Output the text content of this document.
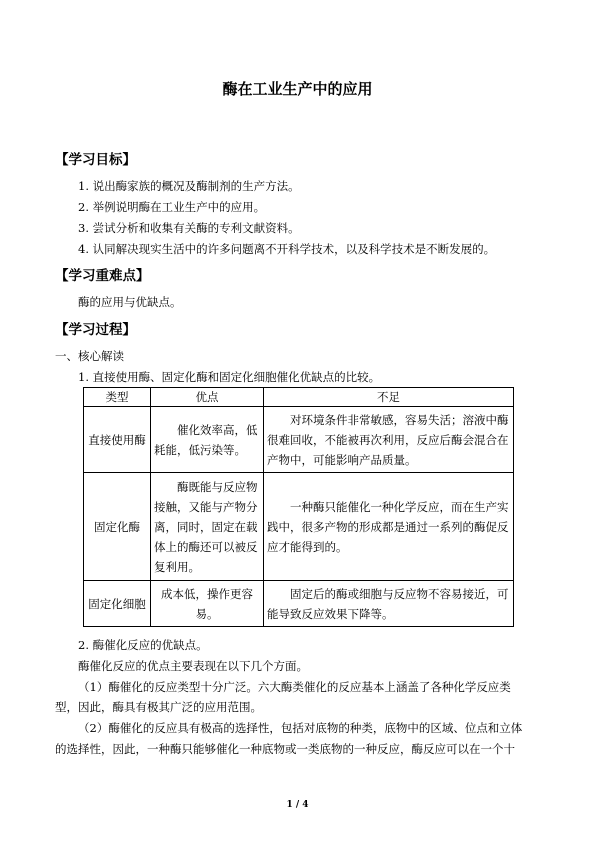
酶在工业生产中的应用
【学习目标】
1. 说出酶家族的概况及酶制剂的生产方法。
2. 举例说明酶在工业生产中的应用。
3. 尝试分析和收集有关酶的专利文献资料。
4. 认同解决现实生活中的许多问题离不开科学技术，以及科学技术是不断发展的。
【学习重难点】
酶的应用与优缺点。
【学习过程】
一、核心解读
1. 直接使用酶、固定化酶和固定化细胞催化优缺点的比较。
类型	优点	不足
直接使用酶	催化效率高，低耗能，低污染等。	对环境条件非常敏感，容易失活；溶液中酶很难回收，不能被再次利用，反应后酶会混合在产物中，可能影响产品质量。
固定化酶	酶既能与反应物接触，又能与产物分离，同时，固定在载体上的酶还可以被反复利用。	一种酶只能催化一种化学反应，而在生产实践中，很多产物的形成都是通过一系列的酶促反应才能得到的。
固定化细胞	成本低，操作更容易。	固定后的酶或细胞与反应物不容易接近，可能导致反应效果下降等。
2. 酶催化反应的优缺点。
酶催化反应的优点主要表现在以下几个方面。
（1）酶催化的反应类型十分广泛。六大酶类催化的反应基本上涵盖了各种化学反应类
型，因此，酶具有极其广泛的应用范围。
（2）酶催化的反应具有极高的选择性，包括对底物的种类，底物中的区域、位点和立体
的选择性，因此，一种酶只能够催化一种底物或一类底物的一种反应，酶反应可以在一个十
1 / 4
